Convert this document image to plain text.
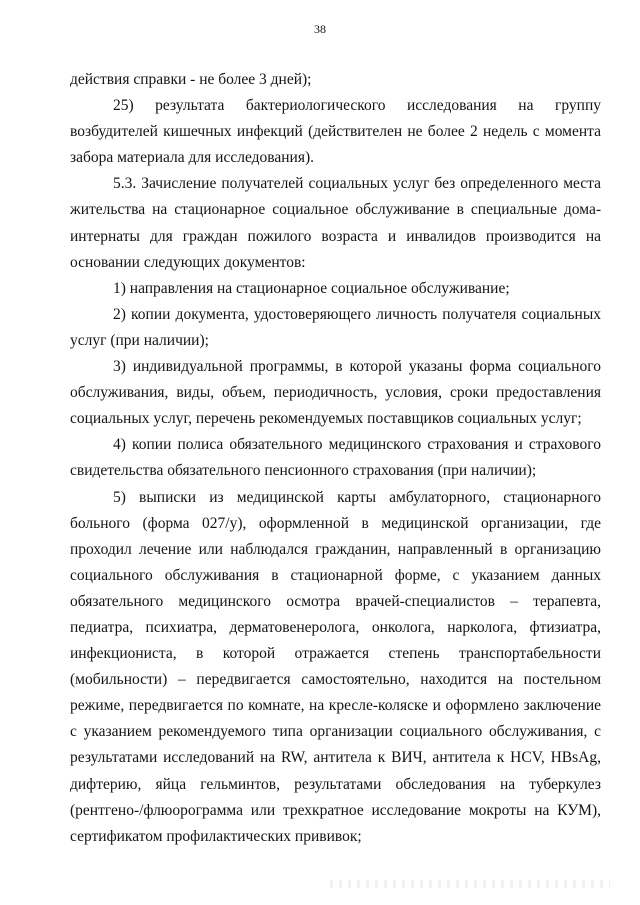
38

действия справки - не более 3 дней);

25) результата бактериологического исследования на группу возбудителей кишечных инфекций (действителен не более 2 недель с момента забора материала для исследования).

5.3. Зачисление получателей социальных услуг без определенного места жительства на стационарное социальное обслуживание в специальные дома-интернаты для граждан пожилого возраста и инвалидов производится на основании следующих документов:

1) направления на стационарное социальное обслуживание;

2) копии документа, удостоверяющего личность получателя социальных услуг (при наличии);

3) индивидуальной программы, в которой указаны форма социального обслуживания, виды, объем, периодичность, условия, сроки предоставления социальных услуг, перечень рекомендуемых поставщиков социальных услуг;

4) копии полиса обязательного медицинского страхования и страхового свидетельства обязательного пенсионного страхования (при наличии);

5) выписки из медицинской карты амбулаторного, стационарного больного (форма 027/у), оформленной в медицинской организации, где проходил лечение или наблюдался гражданин, направленный в организацию социального обслуживания в стационарной форме, с указанием данных обязательного медицинского осмотра врачей-специалистов – терапевта, педиатра, психиатра, дерматовенеролога, онколога, нарколога, фтизиатра, инфекциониста, в которой отражается степень транспортабельности (мобильности) – передвигается самостоятельно, находится на постельном режиме, передвигается по комнате, на кресле-коляске и оформлено заключение с указанием рекомендуемого типа организации социального обслуживания, с результатами исследований на RW, антитела к ВИЧ, антитела к HCV, HBsAg, дифтерию, яйца гельминтов, результатами обследования на туберкулез (рентгено-/флюорограмма или трехкратное исследование мокроты на КУМ), сертификатом профилактических прививок;
